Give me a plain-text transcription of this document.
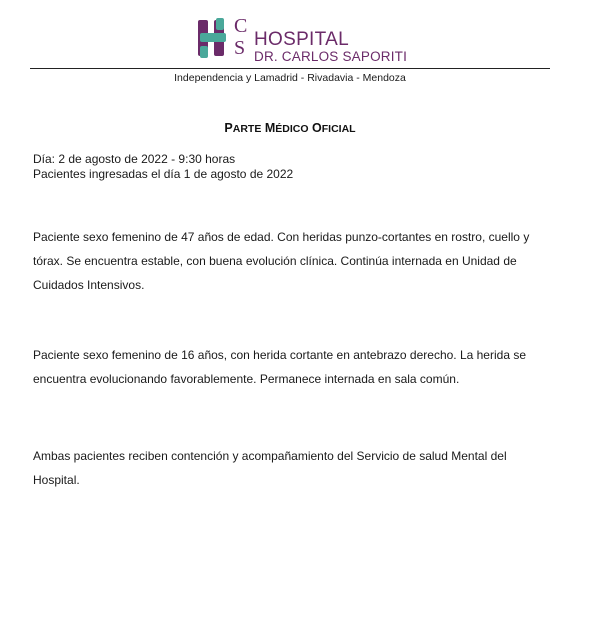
C
S HOSPITAL
DR. CARLOS SAPORITI
Independencia y Lamadrid - Rivadavia - Mendoza
PARTE MÉDICO OFICIAL
Día: 2 de agosto de 2022 - 9:30 horas
Pacientes ingresadas el día 1 de agosto de 2022
Paciente sexo femenino de 47 años de edad. Con heridas punzo-cortantes en rostro, cuello y tórax. Se encuentra estable, con buena evolución clínica. Continúa internada en Unidad de Cuidados Intensivos.
Paciente sexo femenino de 16 años, con herida cortante en antebrazo derecho. La herida se encuentra evolucionando favorablemente. Permanece internada en sala común.
Ambas pacientes reciben contención y acompañamiento del Servicio de salud Mental del Hospital.
